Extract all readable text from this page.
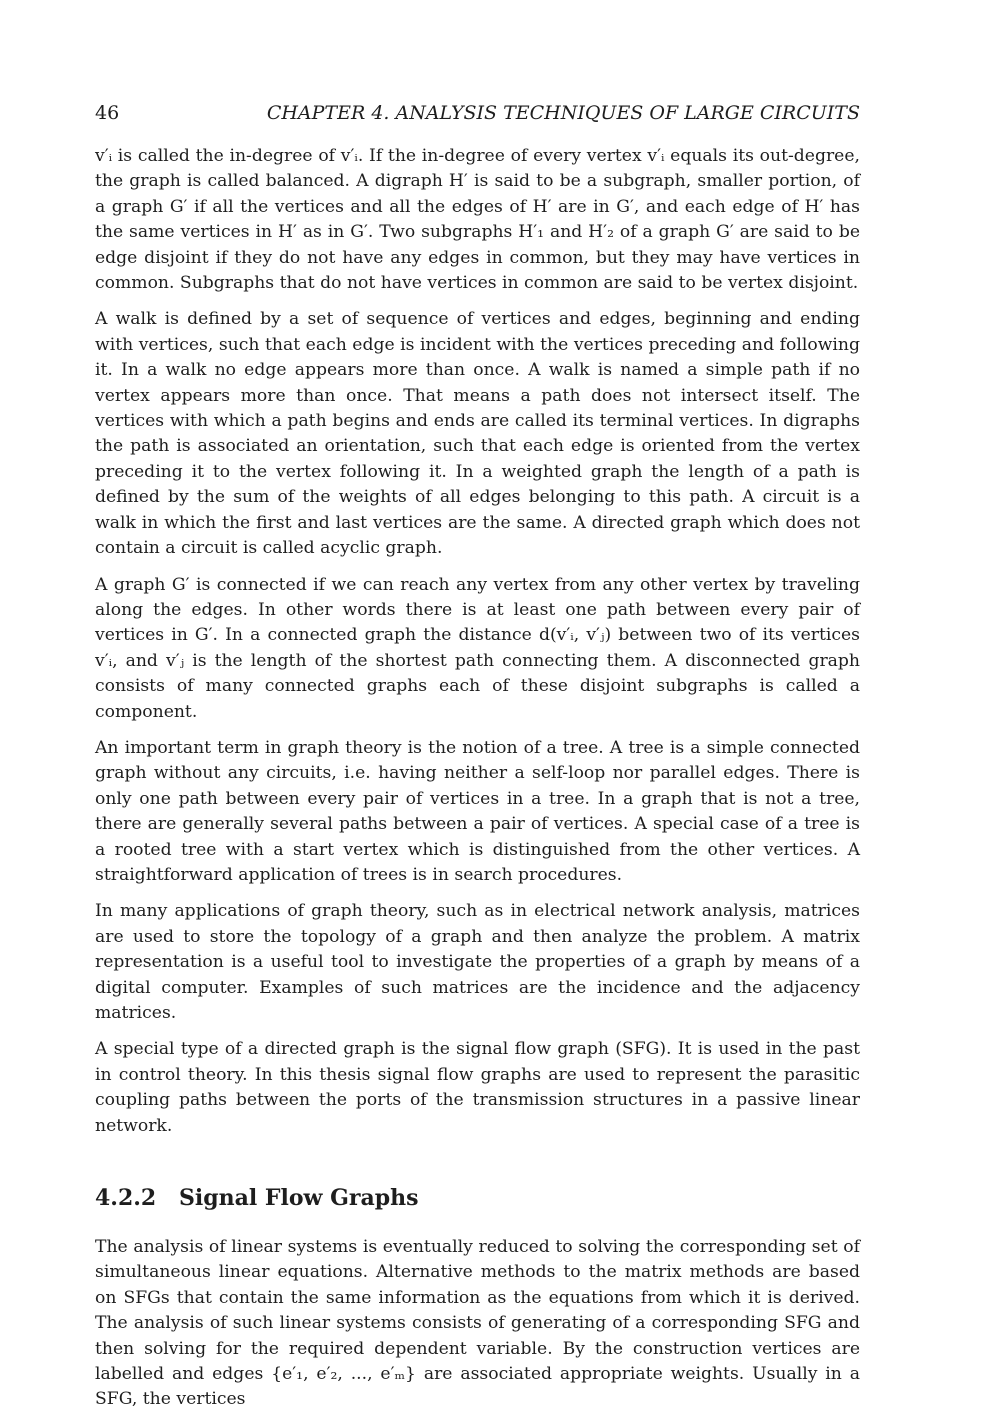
46	CHAPTER 4. ANALYSIS TECHNIQUES OF LARGE CIRCUITS

v′ᵢ is called the in-degree of v′ᵢ. If the in-degree of every vertex v′ᵢ equals its out-degree, the graph is called balanced. A digraph H′ is said to be a subgraph, smaller portion, of a graph G′ if all the vertices and all the edges of H′ are in G′, and each edge of H′ has the same vertices in H′ as in G′. Two subgraphs H′₁ and H′₂ of a graph G′ are said to be edge disjoint if they do not have any edges in common, but they may have vertices in common. Subgraphs that do not have vertices in common are said to be vertex disjoint.

A walk is defined by a set of sequence of vertices and edges, beginning and ending with vertices, such that each edge is incident with the vertices preceding and following it. In a walk no edge appears more than once. A walk is named a simple path if no vertex appears more than once. That means a path does not intersect itself. The vertices with which a path begins and ends are called its terminal vertices. In digraphs the path is associated an orientation, such that each edge is oriented from the vertex preceding it to the vertex following it. In a weighted graph the length of a path is defined by the sum of the weights of all edges belonging to this path. A circuit is a walk in which the first and last vertices are the same. A directed graph which does not contain a circuit is called acyclic graph.

A graph G′ is connected if we can reach any vertex from any other vertex by traveling along the edges. In other words there is at least one path between every pair of vertices in G′. In a connected graph the distance d(v′ᵢ, v′ⱼ) between two of its vertices v′ᵢ, and v′ⱼ is the length of the shortest path connecting them. A disconnected graph consists of many connected graphs each of these disjoint subgraphs is called a component.

An important term in graph theory is the notion of a tree. A tree is a simple connected graph without any circuits, i.e. having neither a self-loop nor parallel edges. There is only one path between every pair of vertices in a tree. In a graph that is not a tree, there are generally several paths between a pair of vertices. A special case of a tree is a rooted tree with a start vertex which is distinguished from the other vertices. A straightforward application of trees is in search procedures.

In many applications of graph theory, such as in electrical network analysis, matrices are used to store the topology of a graph and then analyze the problem. A matrix representation is a useful tool to investigate the properties of a graph by means of a digital computer. Examples of such matrices are the incidence and the adjacency matrices.

A special type of a directed graph is the signal flow graph (SFG). It is used in the past in control theory. In this thesis signal flow graphs are used to represent the parasitic coupling paths between the ports of the transmission structures in a passive linear network.

4.2.2 Signal Flow Graphs

The analysis of linear systems is eventually reduced to solving the corresponding set of simultaneous linear equations. Alternative methods to the matrix methods are based on SFGs that contain the same information as the equations from which it is derived. The analysis of such linear systems consists of generating of a corresponding SFG and then solving for the required dependent variable. By the construction vertices are labelled and edges {e′₁, e′₂, ..., e′ₘ} are associated appropriate weights. Usually in a SFG, the vertices
